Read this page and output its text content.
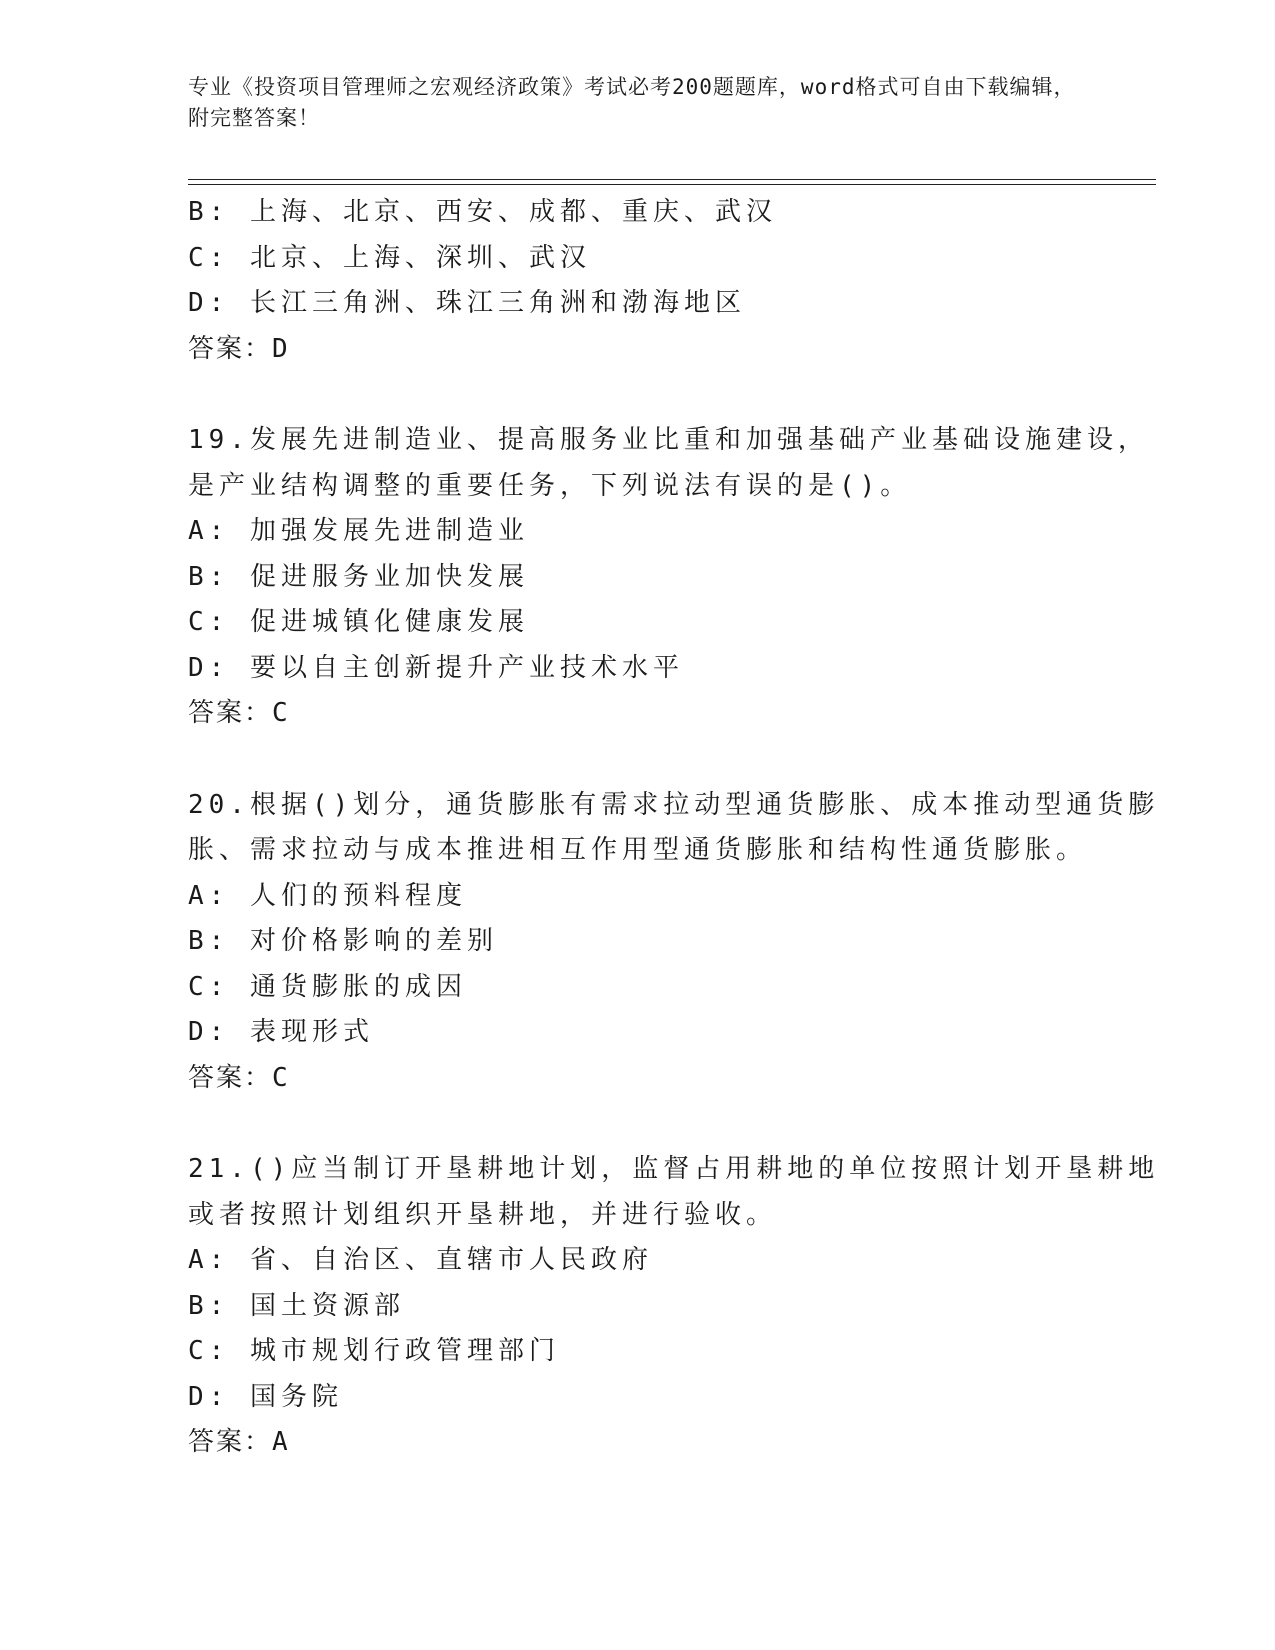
专业《投资项目管理师之宏观经济政策》考试必考200题题库，word格式可自由下载编辑，附完整答案！
B: 上海、北京、西安、成都、重庆、武汉
C: 北京、上海、深圳、武汉
D: 长江三角洲、珠江三角洲和渤海地区
答案：D
19.发展先进制造业、提高服务业比重和加强基础产业基础设施建设，
是产业结构调整的重要任务，下列说法有误的是()。
A: 加强发展先进制造业
B: 促进服务业加快发展
C: 促进城镇化健康发展
D: 要以自主创新提升产业技术水平
答案：C
20.根据()划分，通货膨胀有需求拉动型通货膨胀、成本推动型通货膨
胀、需求拉动与成本推进相互作用型通货膨胀和结构性通货膨胀。
A: 人们的预料程度
B: 对价格影响的差别
C: 通货膨胀的成因
D: 表现形式
答案：C
21.()应当制订开垦耕地计划，监督占用耕地的单位按照计划开垦耕地
或者按照计划组织开垦耕地，并进行验收。
A: 省、自治区、直辖市人民政府
B: 国土资源部
C: 城市规划行政管理部门
D: 国务院
答案：A
